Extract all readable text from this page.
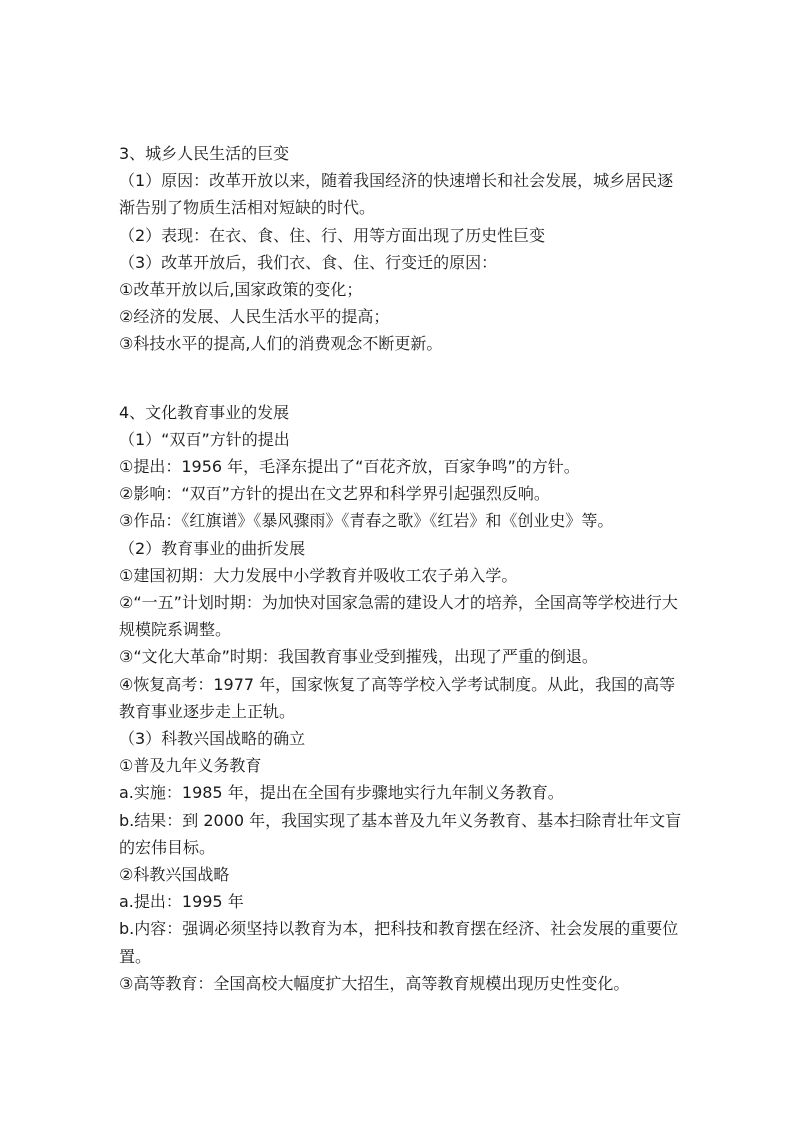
3、城乡人民生活的巨变

（1）原因：改革开放以来，随着我国经济的快速增长和社会发展，城乡居民逐渐告别了物质生活相对短缺的时代。

（2）表现：在衣、食、住、行、用等方面出现了历史性巨变

（3）改革开放后，我们衣、食、住、行变迁的原因：

①改革开放以后,国家政策的变化；

②经济的发展、人民生活水平的提高；

③科技水平的提高,人们的消费观念不断更新。

4、文化教育事业的发展

（1）“双百”方针的提出

①提出：1956 年，毛泽东提出了“百花齐放，百家争鸣”的方针。

②影响：“双百”方针的提出在文艺界和科学界引起强烈反响。

③作品：《红旗谱》《暴风骤雨》《青春之歌》《红岩》和《创业史》等。

（2）教育事业的曲折发展

①建国初期：大力发展中小学教育并吸收工农子弟入学。

②“一五”计划时期：为加快对国家急需的建设人才的培养，全国高等学校进行大规模院系调整。

③“文化大革命”时期：我国教育事业受到摧残，出现了严重的倒退。

④恢复高考：1977 年，国家恢复了高等学校入学考试制度。从此，我国的高等教育事业逐步走上正轨。

（3）科教兴国战略的确立

①普及九年义务教育

a.实施：1985 年，提出在全国有步骤地实行九年制义务教育。

b.结果：到 2000 年，我国实现了基本普及九年义务教育、基本扫除青壮年文盲的宏伟目标。

②科教兴国战略

a.提出：1995 年

b.内容：强调必须坚持以教育为本，把科技和教育摆在经济、社会发展的重要位置。

③高等教育：全国高校大幅度扩大招生，高等教育规模出现历史性变化。
